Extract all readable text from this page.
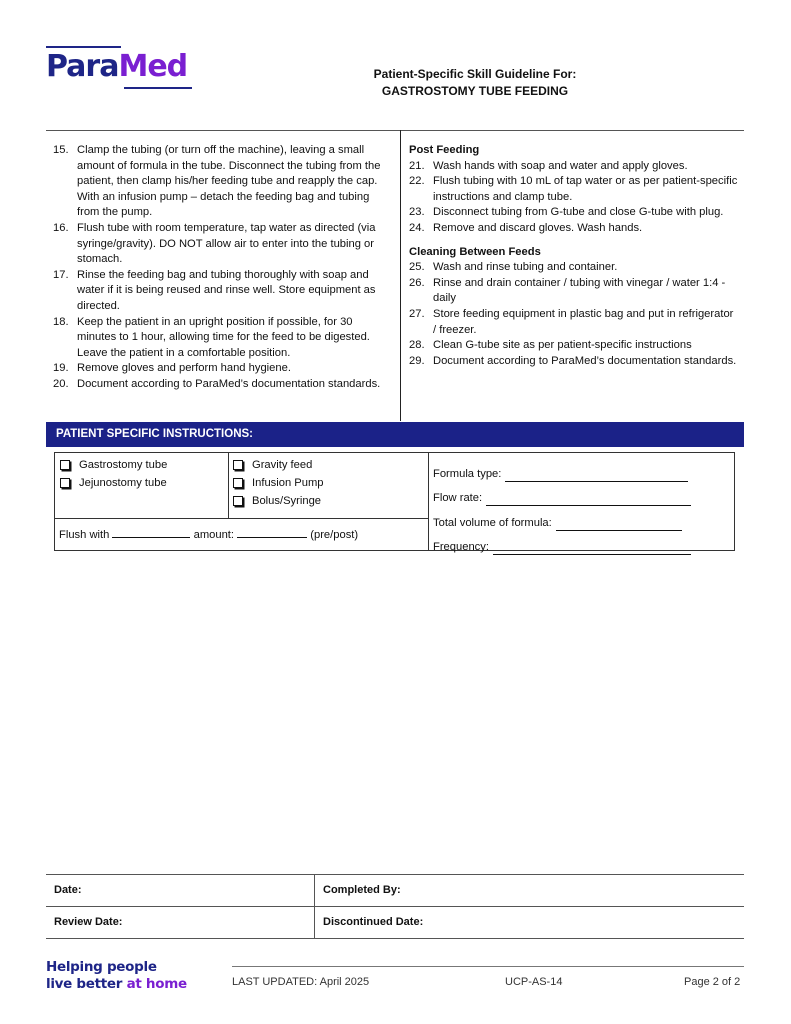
ParaMed	Patient-Specific Skill Guideline For:
GASTROSTOMY TUBE FEEDING
15. Clamp the tubing (or turn off the machine), leaving a small amount of formula in the tube. Disconnect the tubing from the patient, then clamp his/her feeding tube and reapply the cap. With an infusion pump – detach the feeding bag and tubing from the pump.
16. Flush tube with room temperature, tap water as directed (via syringe/gravity). DO NOT allow air to enter into the tubing or stomach.
17. Rinse the feeding bag and tubing thoroughly with soap and water if it is being reused and rinse well. Store equipment as directed.
18. Keep the patient in an upright position if possible, for 30 minutes to 1 hour, allowing time for the feed to be digested. Leave the patient in a comfortable position.
19. Remove gloves and perform hand hygiene.
20. Document according to ParaMed’s documentation standards.
Post Feeding
21. Wash hands with soap and water and apply gloves.
22. Flush tubing with 10 mL of tap water or as per patient-specific instructions and clamp tube.
23. Disconnect tubing from G-tube and close G-tube with plug.
24. Remove and discard gloves. Wash hands.
Cleaning Between Feeds
25. Wash and rinse tubing and container.
26. Rinse and drain container / tubing with vinegar / water 1:4 -daily
27. Store feeding equipment in plastic bag and put in refrigerator / freezer.
28. Clean G-tube site as per patient-specific instructions
29. Document according to ParaMed’s documentation standards.
PATIENT SPECIFIC INSTRUCTIONS:
Gastrostomy tube
Jejunostomy tube
Gravity feed
Infusion Pump
Bolus/Syringe
Flush with	amount:	(pre/post)
Formula type:
Flow rate:
Total volume of formula:
Frequency:
Date:	Completed By:
Review Date:	Discontinued Date:
Helping people
live better at home	LAST UPDATED: April 2025	UCP-AS-14	Page 2 of 2
